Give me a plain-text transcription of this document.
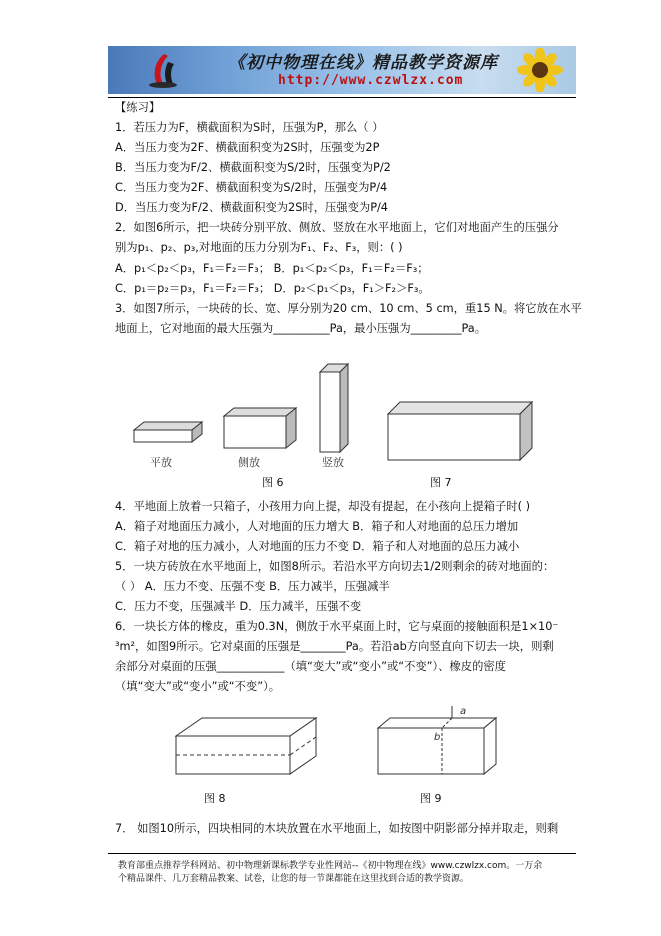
《初中物理在线》精品教学资源库
http://www.czwlzx.com
【练习】
1．若压力为F，横截面积为S时，压强为P，那么（ ）
A．当压力变为2F、横截面积变为2S时，压强变为2P
B．当压力变为F/2、横截面积变为S/2时，压强变为P/2
C．当压力变为2F、横截面积变为S/2时，压强变为P/4
D．当压力变为F/2、横截面积变为2S时，压强变为P/4
2．如图6所示，把一块砖分别平放、侧放、竖放在水平地面上，它们对地面产生的压强分
别为p₁、p₂、p₃,对地面的压力分别为F₁、F₂、F₃，则：( )
A．p₁＜p₂＜p₃，F₁＝F₂＝F₃； B．p₁＜p₂＜p₃，F₁＝F₂＝F₃；
C．p₁＝p₂＝p₃，F₁＝F₂＝F₃； D．p₂＜p₁＜p₃，F₁＞F₂＞F₃。
3．如图7所示，一块砖的长、宽、厚分别为20 cm、10 cm、5 cm，重15 N。将它放在水平
地面上，它对地面的最大压强为__________Pa，最小压强为_________Pa。
平放	侧放	竖放
图 6	图 7
4．平地面上放着一只箱子，小孩用力向上提，却没有提起，在小孩向上提箱子时( )
A．箱子对地面压力减小，人对地面的压力增大 B．箱子和人对地面的总压力增加
C．箱子对地的压力减小，人对地面的压力不变 D．箱子和人对地面的总压力减小
5．一块方砖放在水平地面上，如图8所示。若沿水平方向切去1/2则剩余的砖对地面的：
（ ） A．压力不变、压强不变 B．压力减半，压强减半
C．压力不变，压强减半 D．压力减半，压强不变
6．一块长方体的橡皮，重为0.3N，侧放于水平桌面上时，它与桌面的接触面积是1×10⁻
³m²，如图9所示。它对桌面的压强是________Pa。若沿ab方向竖直向下切去一块，则剩
余部分对桌面的压强____________（填“变大”或“变小”或“不变”）、橡皮的密度
（填“变大”或“变小”或“不变”）。
图 8
a
b
图 9
7． 如图10所示，四块相同的木块放置在水平地面上，如按图中阴影部分掉并取走，则剩
教育部重点推荐学科网站、初中物理新课标教学专业性网站--《初中物理在线》www.czwlzx.com。一万余
个精品课件、几万套精品教案、试卷，让您的每一节课都能在这里找到合适的教学资源。
